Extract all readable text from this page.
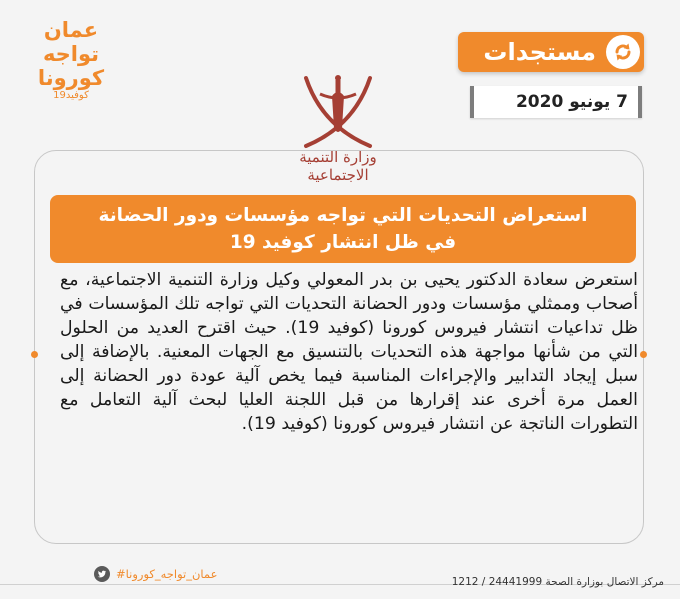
عمان
تواجه
كورونا
كوفيد19
مستجدات
7 يونيو 2020
وزارة التنمية الاجتماعية
استعراض التحديات التي تواجه مؤسسات ودور الحضانة
في ظل انتشار كوفيد 19

استعرض سعادة الدكتور يحيى بن بدر المعولي وكيل وزارة التنمية الاجتماعية، مع أصحاب وممثلي مؤسسات ودور الحضانة التحديات التي تواجه تلك المؤسسات في ظل تداعيات انتشار فيروس كورونا (كوفيد 19). حيث اقترح العديد من الحلول التي من شأنها مواجهة هذه التحديات بالتنسيق مع الجهات المعنية. بالإضافة إلى سبل إيجاد التدابير والإجراءات المناسبة فيما يخص آلية عودة دور الحضانة إلى العمل مرة أخرى عند إقرارها من قبل اللجنة العليا لبحث آلية التعامل مع التطورات الناتجة عن انتشار فيروس كورونا (كوفيد 19).

#عمان_تواجه_كورونا
مركز الاتصال بوزارة الصحة 24441999 / 1212
